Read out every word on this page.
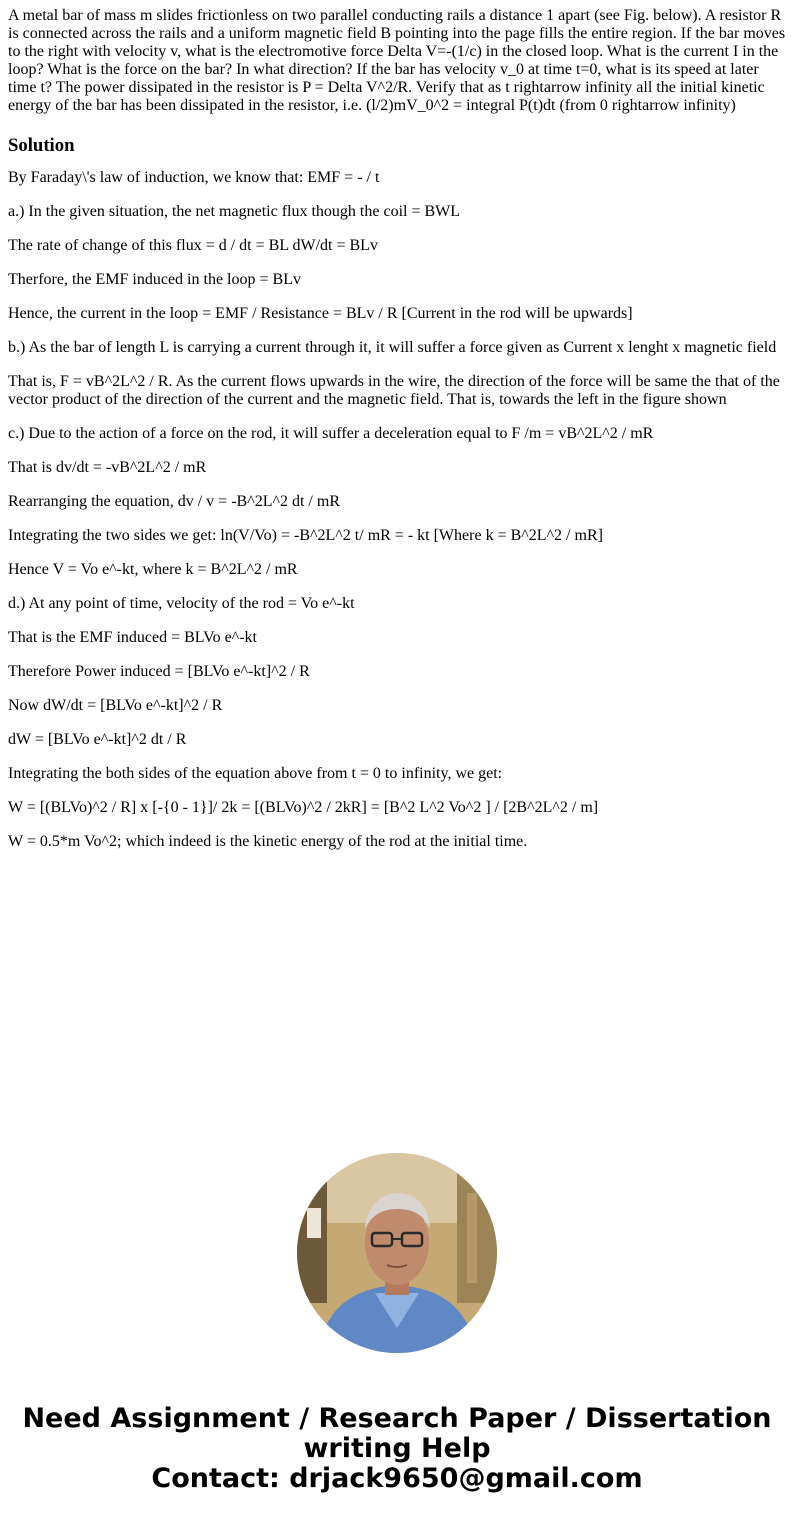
A metal bar of mass m slides frictionless on two parallel conducting rails a distance 1 apart (see Fig. below). A resistor R is connected across the rails and a uniform magnetic field B pointing into the page fills the entire region. If the bar moves to the right with velocity v, what is the electromotive force Delta V=-(1/c) in the closed loop. What is the current I in the loop? What is the force on the bar? In what direction? If the bar has velocity v_0 at time t=0, what is its speed at later time t? The power dissipated in the resistor is P = Delta V^2/R. Verify that as t rightarrow infinity all the initial kinetic energy of the bar has been dissipated in the resistor, i.e. (l/2)mV_0^2 = integral P(t)dt (from 0 rightarrow infinity)

Solution

By Faraday\'s law of induction, we know that: EMF = - / t

a.) In the given situation, the net magnetic flux though the coil = BWL

The rate of change of this flux = d / dt = BL dW/dt = BLv

Therfore, the EMF induced in the loop = BLv

Hence, the current in the loop = EMF / Resistance = BLv / R [Current in the rod will be upwards]

b.) As the bar of length L is carrying a current through it, it will suffer a force given as Current x lenght x magnetic field

That is, F = vB^2L^2 / R. As the current flows upwards in the wire, the direction of the force will be same the that of the vector product of the direction of the current and the magnetic field. That is, towards the left in the figure shown

c.) Due to the action of a force on the rod, it will suffer a deceleration equal to F /m = vB^2L^2 / mR

That is dv/dt = -vB^2L^2 / mR

Rearranging the equation, dv / v = -B^2L^2 dt / mR

Integrating the two sides we get: ln(V/Vo) = -B^2L^2 t/ mR = - kt [Where k = B^2L^2 / mR]

Hence V = Vo e^-kt, where k = B^2L^2 / mR

d.) At any point of time, velocity of the rod = Vo e^-kt

That is the EMF induced = BLVo e^-kt

Therefore Power induced = [BLVo e^-kt]^2 / R

Now dW/dt = [BLVo e^-kt]^2 / R

dW = [BLVo e^-kt]^2 dt / R

Integrating the both sides of the equation above from t = 0 to infinity, we get:

W = [(BLVo)^2 / R] x [-{0 - 1}]/ 2k = [(BLVo)^2 / 2kR] = [B^2 L^2 Vo^2 ] / [2B^2L^2 / m]

W = 0.5*m Vo^2; which indeed is the kinetic energy of the rod at the initial time.

Need Assignment / Research Paper / Dissertation
writing Help
Contact: drjack9650@gmail.com
